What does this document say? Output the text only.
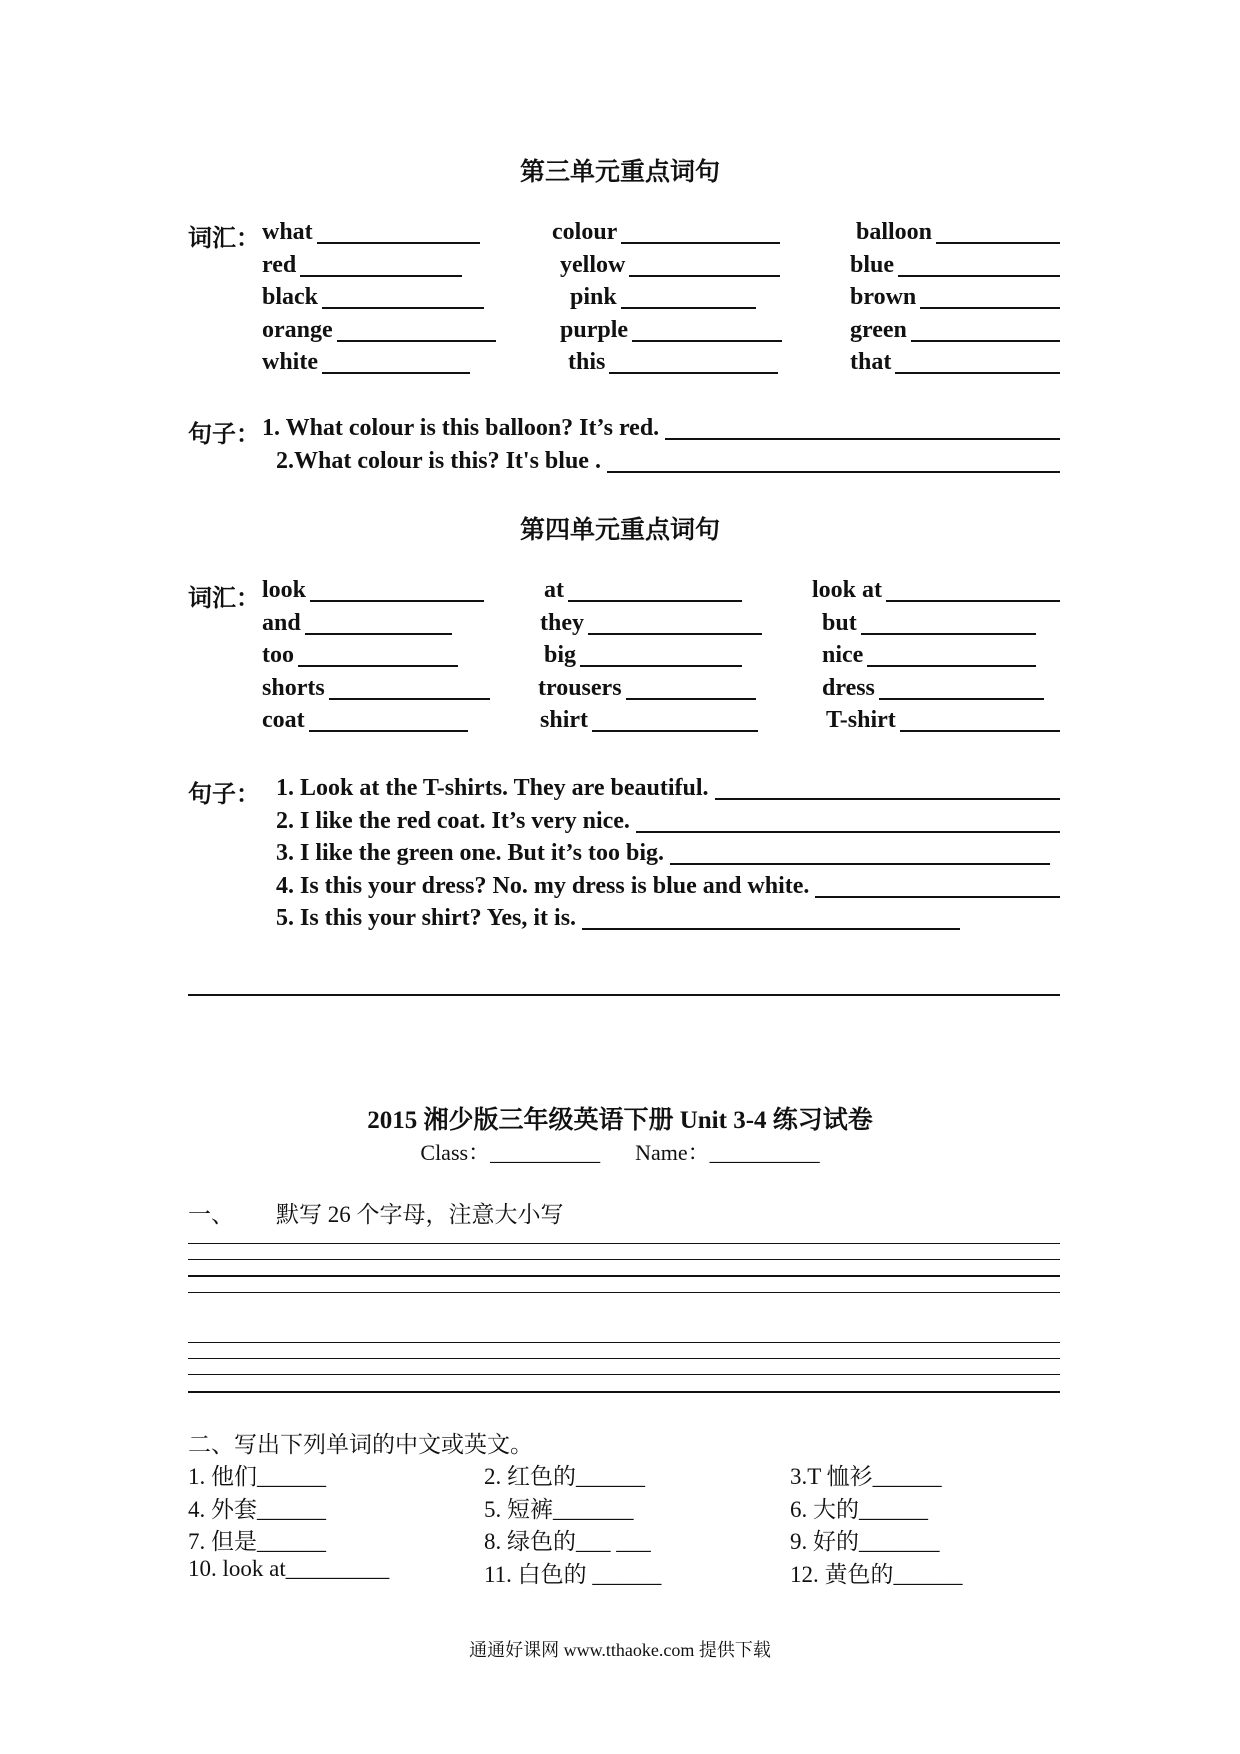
第三单元重点词句
词汇： what	colour	balloon
red	yellow	blue
black	pink	brown
orange	purple	green
white	this	that
句子： 1. What colour is this balloon? It’s red.
2.What colour is this? It's blue .
第四单元重点词句
词汇： look	at	look at
and	they	but
too	big	nice
shorts	trousers	dress
coat	shirt	T-shirt
句子： 1. Look at the T-shirts. They are beautiful.
2. I like the red coat. It’s very nice.
3. I like the green one. But it’s too big.
4. Is this your dress? No. my dress is blue and white.
5. Is this your shirt? Yes, it is.
2015 湘少版三年级英语下册 Unit 3-4 练习试卷
Class：__________ Name：__________
一、 默写 26 个字母，注意大小写
二、写出下列单词的中文或英文。
1. 他们______	2. 红色的______	3.T 恤衫______
4. 外套______	5. 短裤_______	6. 大的______
7. 但是______	8. 绿色的___ ___	9. 好的_______
10. look at_________	11. 白色的 ______	12. 黄色的______
通通好课网 www.tthaoke.com 提供下载
